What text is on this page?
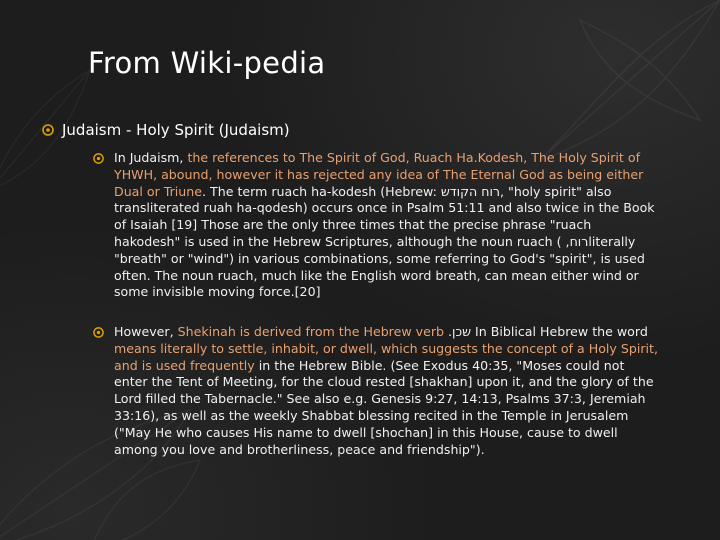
From Wiki-pedia
Judaism - Holy Spirit (Judaism)
In Judaism, the references to The Spirit of God, Ruach Ha.Kodesh, The Holy Spirit of YHWH, abound, however it has rejected any idea of The Eternal God as being either Dual or Triune. The term ruach ha-kodesh (Hebrew: רוח הקודש, "holy spirit" also transliterated ruah ha-qodesh) occurs once in Psalm 51:11 and also twice in the Book of Isaiah [19] Those are the only three times that the precise phrase "ruach hakodesh" is used in the Hebrew Scriptures, although the noun ruach ( ,רוחliterally "breath" or "wind") in various combinations, some referring to God's "spirit", is used often. The noun ruach, much like the English word breath, can mean either wind or some invisible moving force.[20]
However, Shekinah is derived from the Hebrew verb .שכן In Biblical Hebrew the word means literally to settle, inhabit, or dwell, which suggests the concept of a Holy Spirit, and is used frequently in the Hebrew Bible. (See Exodus 40:35, "Moses could not enter the Tent of Meeting, for the cloud rested [shakhan] upon it, and the glory of the Lord filled the Tabernacle." See also e.g. Genesis 9:27, 14:13, Psalms 37:3, Jeremiah 33:16), as well as the weekly Shabbat blessing recited in the Temple in Jerusalem ("May He who causes His name to dwell [shochan] in this House, cause to dwell among you love and brotherliness, peace and friendship").
